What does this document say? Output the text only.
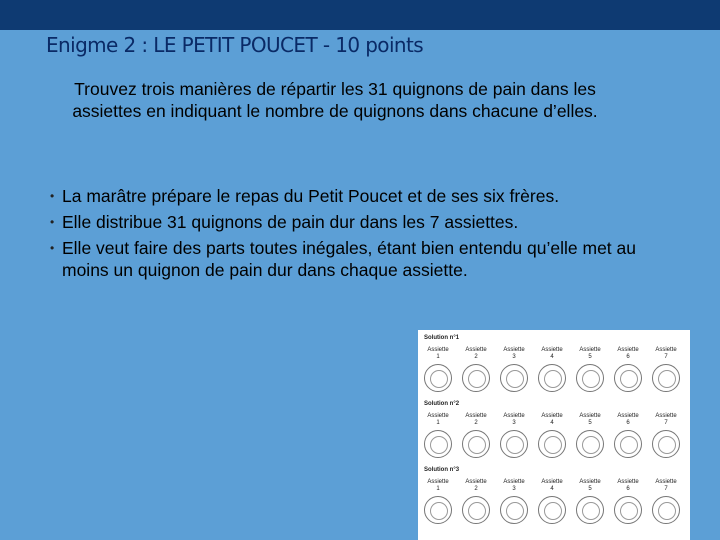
Enigme 2 : LE PETIT POUCET - 10 points

Trouvez trois manières de répartir les 31 quignons de pain dans les assiettes en indiquant le nombre de quignons dans chacune d’elles.

• La marâtre prépare le repas du Petit Poucet et de ses six frères.
• Elle distribue 31 quignons de pain dur dans les 7 assiettes.
• Elle veut faire des parts toutes inégales, étant bien entendu qu’elle met au moins un quignon de pain dur dans chaque assiette.
Solution n°1
Assiette
1
Assiette
2
Assiette
3
Assiette
4
Assiette
5
Assiette
6
Assiette
7
Solution n°2
Assiette
1
Assiette
2
Assiette
3
Assiette
4
Assiette
5
Assiette
6
Assiette
7
Solution n°3
Assiette
1
Assiette
2
Assiette
3
Assiette
4
Assiette
5
Assiette
6
Assiette
7
